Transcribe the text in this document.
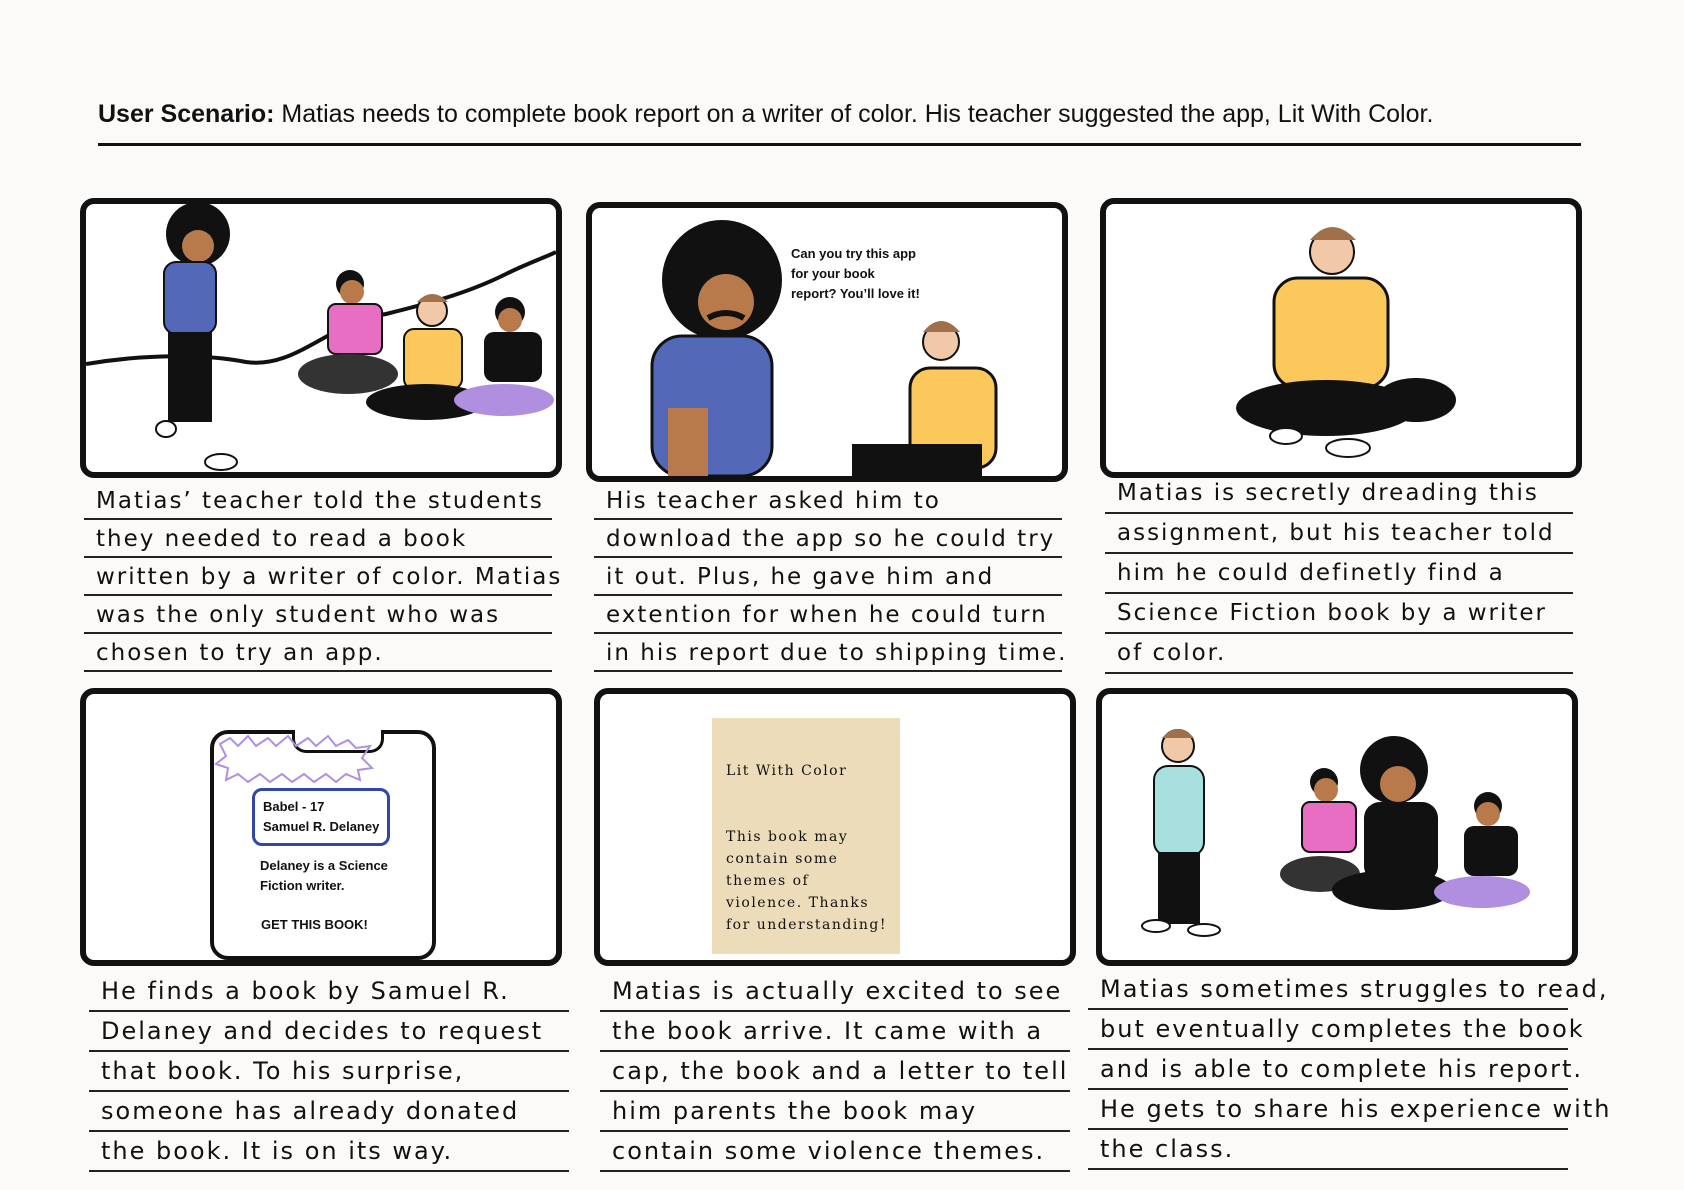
User Scenario: Matias needs to complete book report on a writer of color. His teacher suggested the app, Lit With Color.
Matias’ teacher told the students
they needed to read a book
written by a writer of color. Matias
was the only student who was
chosen to try an app.
Can you try this app
for your book
report? You’ll love it!
His teacher asked him to
download the app so he could try
it out. Plus, he gave him and
extention for when he could turn
in his report due to shipping time.
Matias is secretly dreading this
assignment, but his teacher told
him he could definetly find a
Science Fiction book by a writer
of color.
Babel - 17
Samuel R. Delaney
Delaney is a Science Fiction writer.
GET THIS BOOK!
He finds a book by Samuel R.
Delaney and decides to request
that book. To his surprise,
someone has already donated
the book. It is on its way.

Lit With Color

This book may contain some themes of violence. Thanks for understanding!

Matias is actually excited to see
the book arrive. It came with a
cap, the book and a letter to tell
him parents the book may
contain some violence themes.
Matias sometimes struggles to read,
but eventually completes the book
and is able to complete his report.
He gets to share his experience with
the class.
